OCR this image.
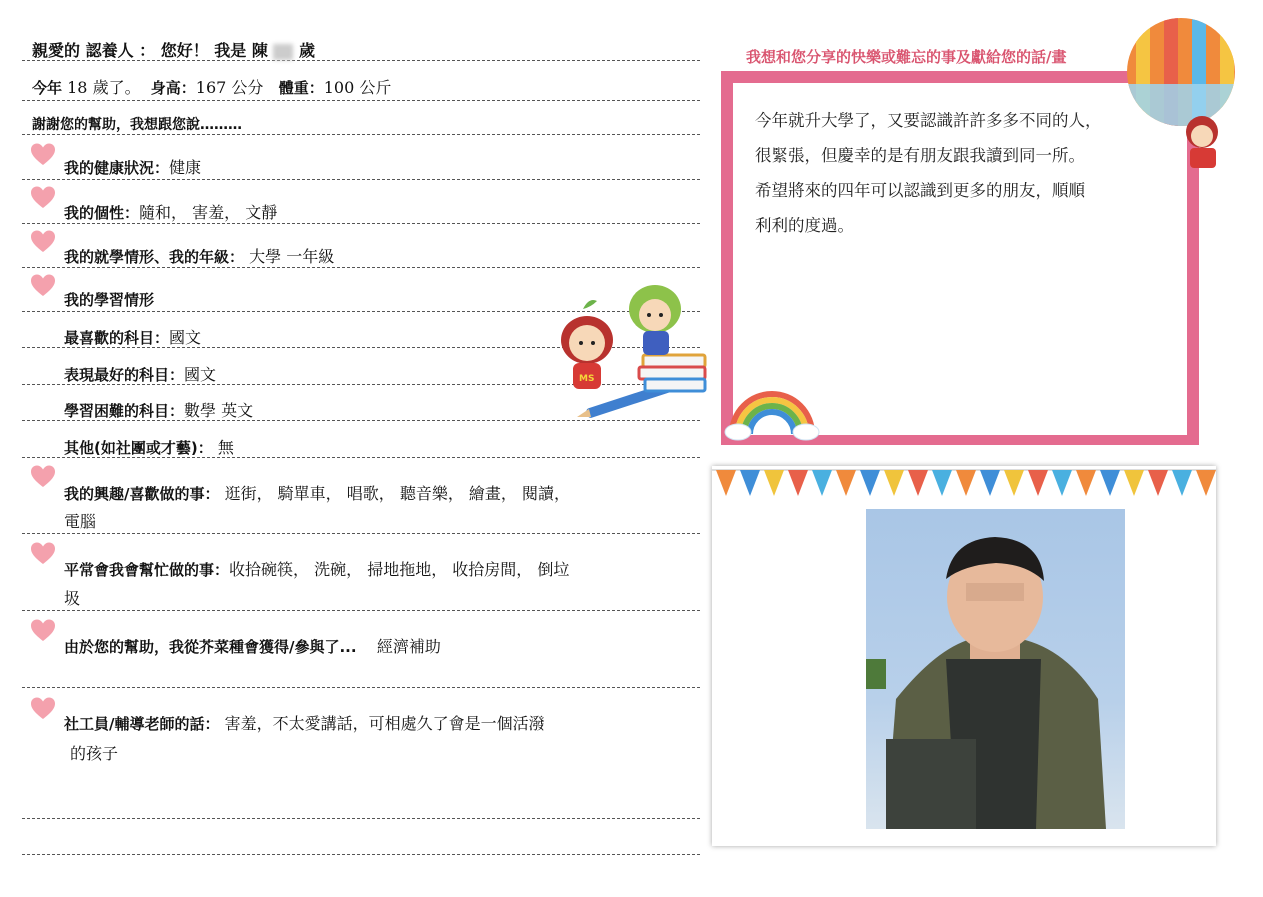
親愛的 認養人 ： 您好！ 我是 陳 歲
今年 18 歲了。 身高：167 公分 體重：100 公斤
謝謝您的幫助，我想跟您說………
我的健康狀況：健康
我的個性：隨和， 害羞， 文靜
我的就學情形、我的年級： 大學 一年級
我的學習情形
最喜歡的科目：國文
表現最好的科目：國文
學習困難的科目：數學 英文
其他(如社團或才藝)： 無
我的興趣/喜歡做的事： 逛街， 騎單車， 唱歌， 聽音樂， 繪畫， 閱讀，
電腦
平常會我會幫忙做的事：收拾碗筷， 洗碗， 掃地拖地， 收拾房間， 倒垃
圾
由於您的幫助，我從芥菜種會獲得/參與了... 經濟補助
社工員/輔導老師的話： 害羞，不太愛講話，可相處久了會是一個活潑
的孩子
MS
我想和您分享的快樂或難忘的事及獻給您的話/畫
今年就升大學了，又要認識許許多多不同的人，
很緊張，但慶幸的是有朋友跟我讀到同一所。
希望將來的四年可以認識到更多的朋友，順順
利利的度過。
